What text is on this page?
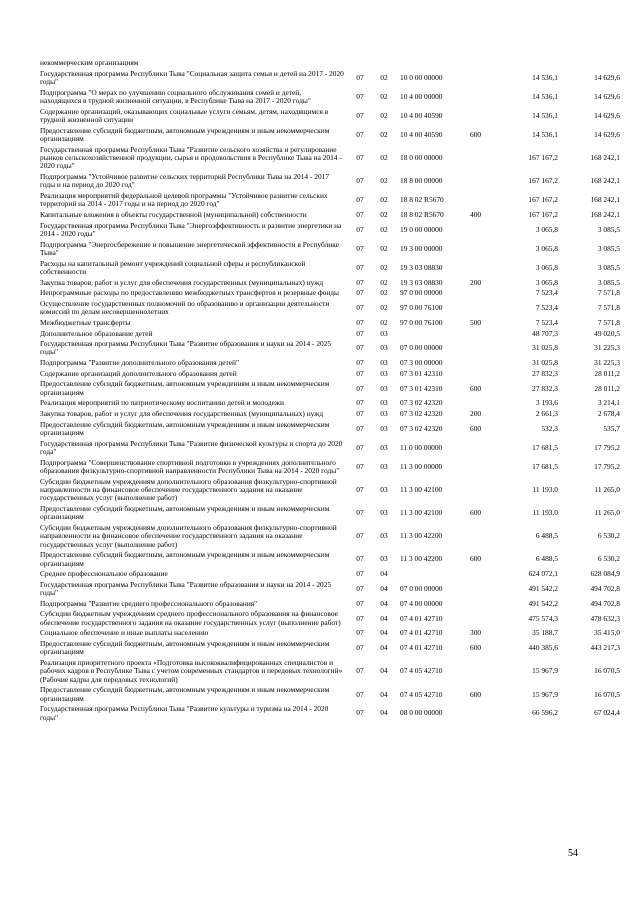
некоммерческим организациям						
Государственная программа Республики Тыва "Социальная защита семьи и детей на 2017 - 2020 годы"	07	02	10 0 00 00000		14 536,1	14 629,6
Подпрограмма "О мерах по улучшению социального обслуживания семей и детей, находящихся в трудной жизненной ситуации, в Республике Тыва на 2017 - 2020 годы"	07	02	10 4 00 00000		14 536,1	14 629,6
Содержание организаций, оказывающих социальные услуги семьям, детям, находящимся в трудной жизненной ситуации	07	02	10 4 00 40590		14 536,1	14 629,6
Предоставление субсидий бюджетным, автономным учреждениям и иным некоммерческим организациям	07	02	10 4 00 40590	600	14 536,1	14 629,6
Государственная программа Республики Тыва "Развитие сельского хозяйства и регулирование рынков сельскохозяйственной продукции, сырья и продовольствия в Республике Тыва на 2014 - 2020 годы"	07	02	18 0 00 00000		167 167,2	168 242,1
Подпрограмма "Устойчивое развитие сельских территорий Республики Тыва на 2014 - 2017 годы и на период до 2020 год"	07	02	18 8 00 00000		167 167,2	168 242,1
Реализация мероприятий федеральной целевой программы "Устойчивое развитие сельских территорий на 2014 - 2017 годы и на период до 2020 год"	07	02	18 8 02 R5670		167 167,2	168 242,1
Капитальные вложения в объекты государственной (муниципальной) собственности	07	02	18 8 02 R5670	400	167 167,2	168 242,1
Государственная программа Республики Тыва "Энергоэффективность и развитие энергетики на 2014 - 2020 годы"	07	02	19 0 00 00000		3 065,8	3 085,5
Подпрограмма "Энергосбережение и повышение энергетической эффективности в Республике Тыва"	07	02	19 3 00 00000		3 065,8	3 085,5
Расходы на капитальный ремонт учреждений социальной сферы и республиканской собственности	07	02	19 3 03 08830		3 065,8	3 085,5
Закупка товаров, работ и услуг для обеспечения государственных (муниципальных) нужд	07	02	19 3 03 08830	200	3 065,8	3 085,5
Непрограммные расходы по предоставлению межбюджетных трансфертов и резервные фонды	07	02	97 0 00 00000		7 523,4	7 571,8
Осуществление государственных полномочий по образованию и организации деятельности комиссий по делам несовершеннолетних	07	02	97 0 00 76100		7 523,4	7 571,8
Межбюджетные трансферты	07	02	97 0 00 76100	500	7 523,4	7 571,8
Дополнительное образование детей	07	03			48 707,3	49 020,5
Государственная программа Республики Тыва "Развитие образования и науки на 2014 - 2025 годы"	07	03	07 0 00 00000		31 025,8	31 225,3
Подпрограмма "Развитие дополнительного образования детей"	07	03	07 3 00 00000		31 025,8	31 225,3
Содержание организаций дополнительного образования детей	07	03	07 3 01 42310		27 832,3	28 011,2
Предоставление субсидий бюджетным, автономным учреждениям и иным некоммерческим организациям	07	03	07 3 01 42310	600	27 832,3	28 011,2
Реализация мероприятий по патриотическому воспитанию детей и молодежи	07	03	07 3 02 42320		3 193,6	3 214,1
Закупка товаров, работ и услуг для обеспечения государственных (муниципальных) нужд	07	03	07 3 02 42320	200	2 661,3	2 678,4
Предоставление субсидий бюджетным, автономным учреждениям и иным некоммерческим организациям	07	03	07 3 02 42320	600	532,3	535,7
Государственная программа Республики Тыва "Развитие физической культуры и спорта до 2020 года"	07	03	11 0 00 00000		17 681,5	17 795,2
Подпрограмма "Совершенствование спортивной подготовки в учреждениях дополнительного образования физкультурно-спортивной направленности Республики Тыва на 2014 - 2020 годы"	07	03	11 3 00 00000		17 681,5	17 795,2
Субсидии бюджетным учреждениям дополнительного образования физкультурно-спортивной направленности на финансовое обеспечение государственного задания на оказание государственных услуг (выполнение работ)	07	03	11 3 00 42100		11 193,0	11 265,0
Предоставление субсидий бюджетным, автономным учреждениям и иным некоммерческим организациям	07	03	11 3 00 42100	600	11 193,0	11 265,0
Субсидии бюджетным учреждениям дополнительного образования физкультурно-спортивной направленности на финансовое обеспечение государственного задания на оказание государственных услуг (выполнение работ)	07	03	11 3 00 42200		6 488,5	6 530,2
Предоставление субсидий бюджетным, автономным учреждениям и иным некоммерческим организациям	07	03	11 3 00 42200	600	6 488,5	6 530,2
Среднее профессиональное образование	07	04			624 072,1	628 084,9
Государственная программа Республики Тыва "Развитие образования и науки на 2014 - 2025 годы"	07	04	07 0 00 00000		491 542,2	494 702,8
Подпрограмма "Развитие среднего профессионального образования"	07	04	07 4 00 00000		491 542,2	494 702,8
Субсидии бюджетным учреждениям среднего профессионального образования на финансовое обеспечение государственного задания на оказание государственных услуг (выполнение работ)	07	04	07 4 01 42710		475 574,3	478 632,3
Социальное обеспечение и иные выплаты населению	07	04	07 4 01 42710	300	35 188,7	35 415,0
Предоставление субсидий бюджетным, автономным учреждениям и иным некоммерческим организациям	07	04	07 4 01 42710	600	440 385,6	443 217,3
Реализация приоритетного проекта «Подготовка высококвалифицированных специалистов и рабочих кадров в Республике Тыва с учетом современных стандартов и передовых технологий» (Рабочие кадры для передовых технологий)	07	04	07 4 05 42710		15 967,9	16 070,5
Предоставление субсидий бюджетным, автономным учреждениям и иным некоммерческим организациям	07	04	07 4 05 42710	600	15 967,9	16 070,5
Государственная программа Республики Тыва "Развитие культуры и туризма на 2014 - 2020 годы"	07	04	08 0 00 00000		66 596,2	67 024,4
54
